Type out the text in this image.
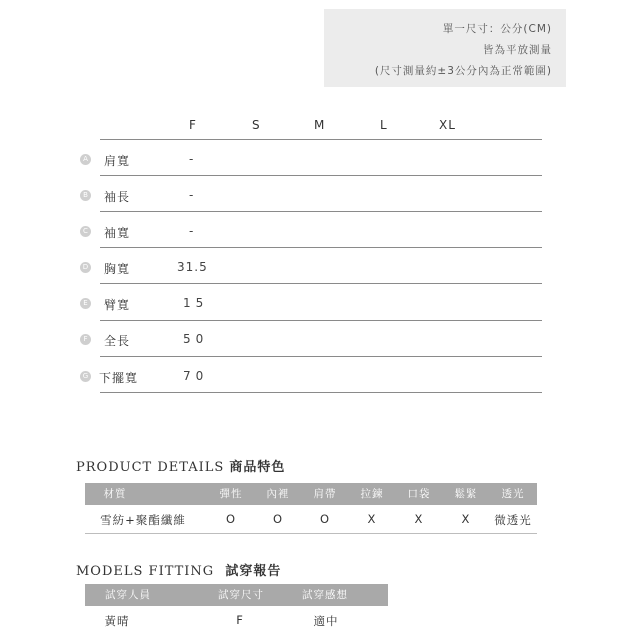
單一尺寸：公分(CM)
皆為平放測量
(尺寸測量約±3公分內為正常範圍)
F	S	M	L	XL
A 肩寬	-
B 袖長	-
C 袖寬	-
D 胸寬	31.5
E 臂寬	15
F 全長	50
G 下擺寬	70
PRODUCT DETAILS 商品特色
材質	彈性 內裡 肩帶 拉鍊 口袋 鬆緊 透光
雪紡+聚酯纖維	O	O	O	X	X	X 微透光
MODELS FITTING 試穿報告
試穿人員	試穿尺寸	試穿感想
黃晴	F	適中
